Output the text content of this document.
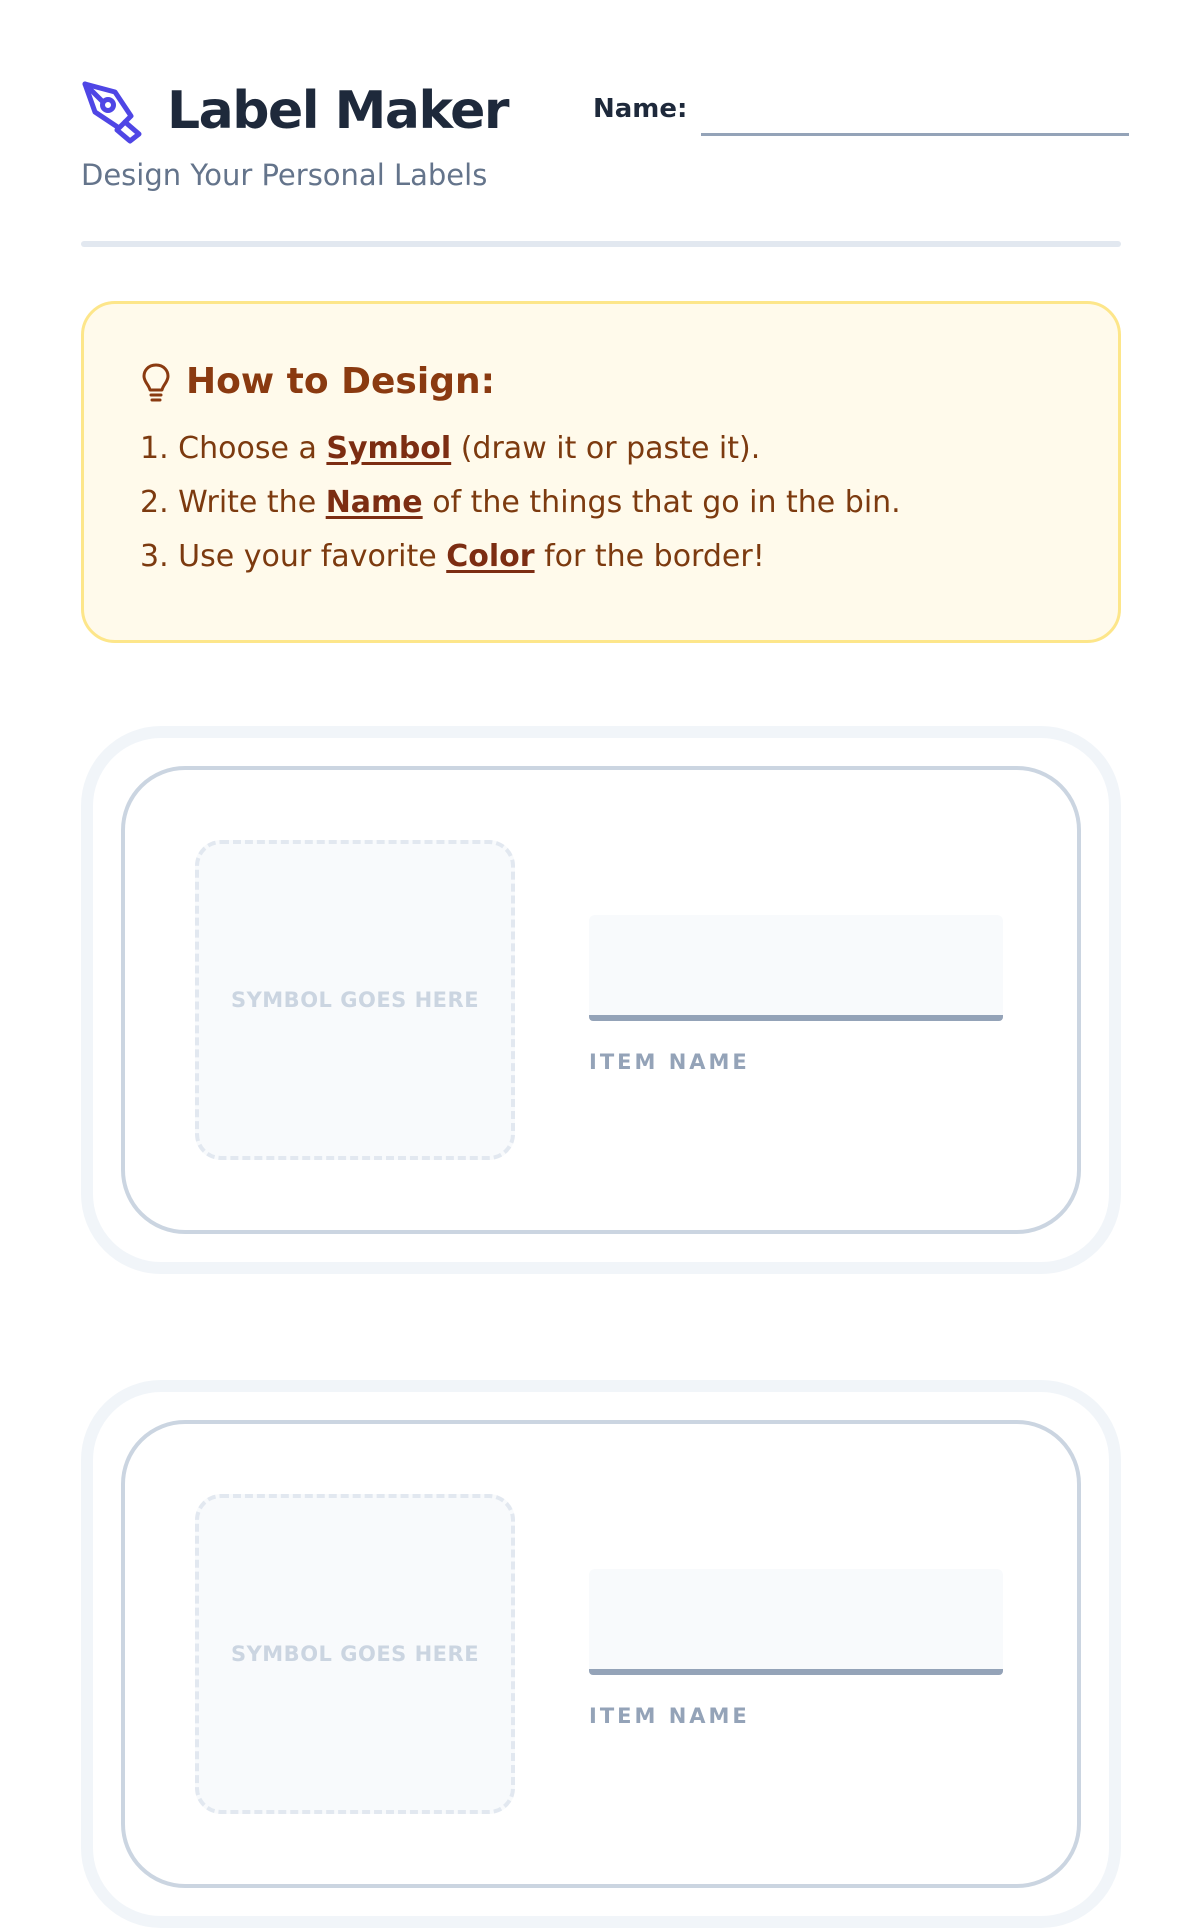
Label Maker
Design Your Personal Labels
Name:
How to Design:
1. Choose a Symbol (draw it or paste it).
2. Write the Name of the things that go in the bin.
3. Use your favorite Color for the border!
SYMBOL GOES HERE
ITEM NAME
SYMBOL GOES HERE
ITEM NAME
